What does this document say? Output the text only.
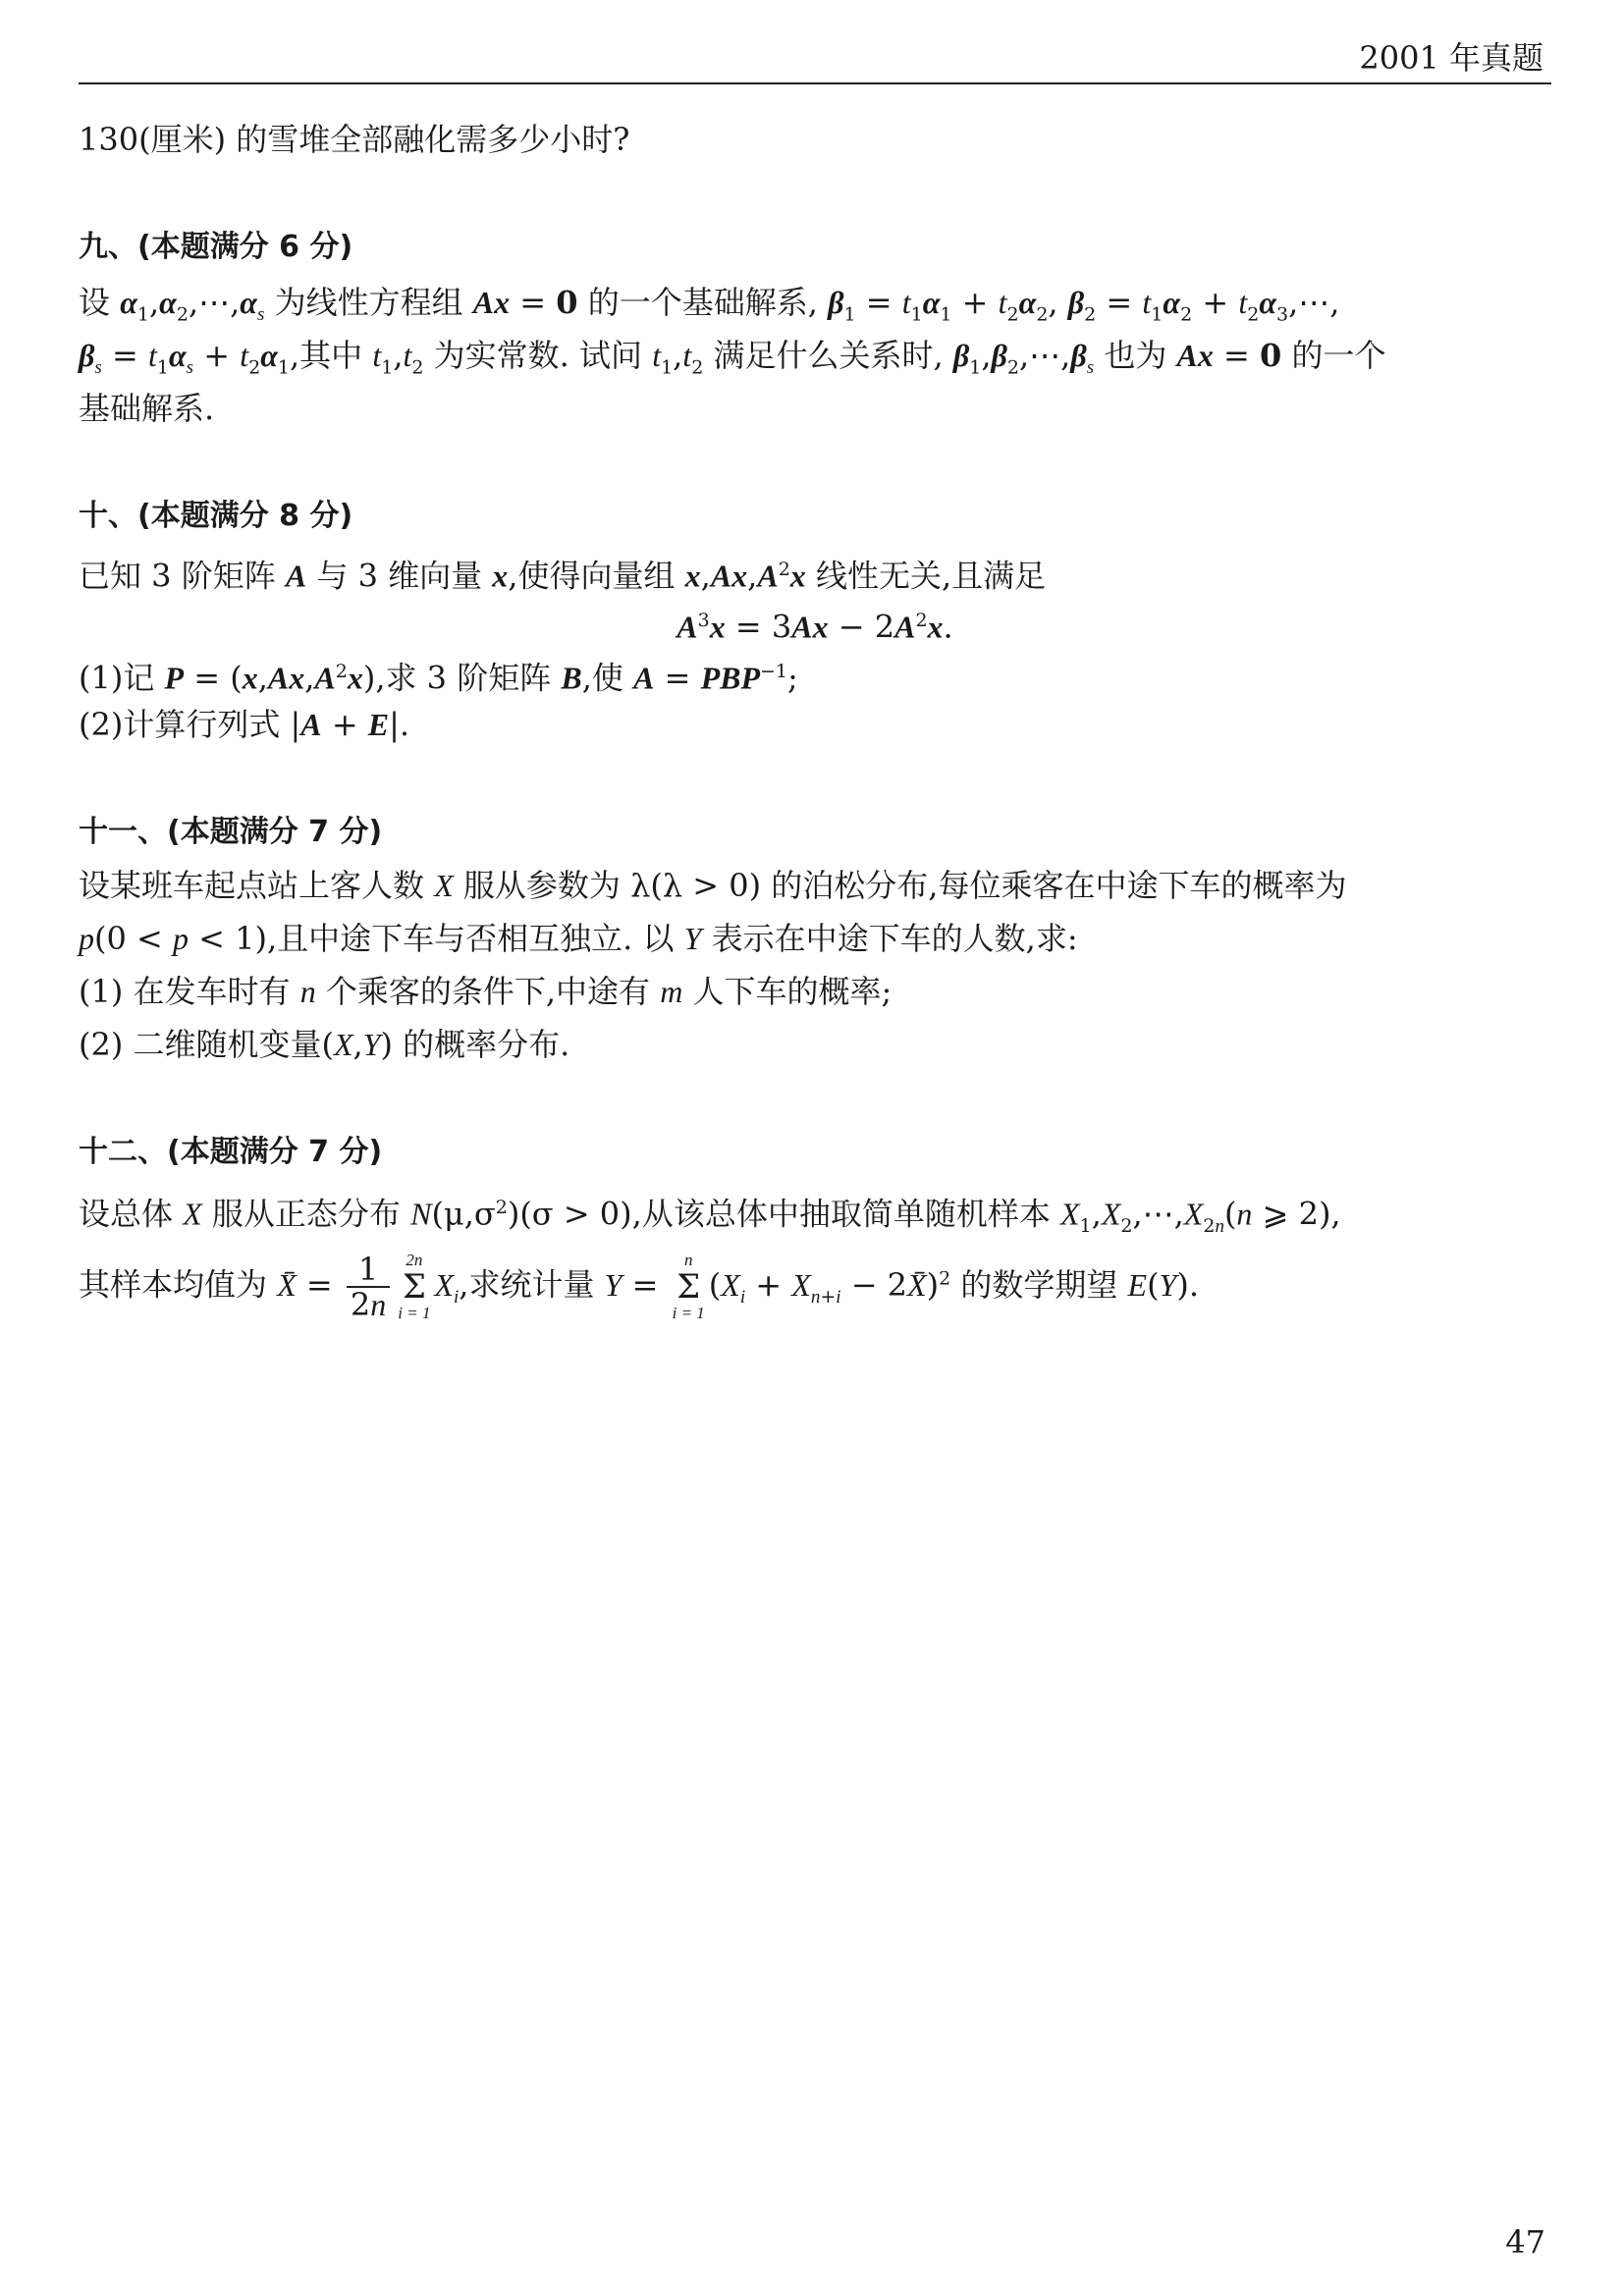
2001 年真题
130(厘米) 的雪堆全部融化需多少小时?
九、(本题满分 6 分)
设 $\alpha_1,\alpha_2,\cdots,\alpha_s$ 为线性方程组 Ax = 0 的一个基础解系, $\beta_1 = t_1\alpha_1 + t_2\alpha_2$, $\beta_2 = t_1\alpha_2$ + $t_2\alpha_3,\cdots$,
$\beta_s = t_1\alpha_s + t_2\alpha_1$,其中 $t_1,t_2$ 为实常数. 试问 $t_1,t_2$ 满足什么关系时, $\beta_1,\beta_2,\cdots,\beta_s$ 也为 Ax = 0 的一个
基础解系.
十、(本题满分 8 分)
已知 3 阶矩阵 A 与 3 维向量 x,使得向量组 $x,Ax,A^2x$ 线性无关,且满足
$A^3x = 3Ax - 2A^2x$.
(1)记 $P = (x,Ax,A^2x)$,求 3 阶矩阵 B,使 $A = PBP^{-1}$;
(2)计算行列式 |A + E|.
十一、(本题满分 7 分)
设某班车起点站上客人数 X 服从参数为 λ(λ > 0) 的泊松分布,每位乘客在中途下车的概率为
p(0 < p < 1),且中途下车与否相互独立. 以 Y 表示在中途下车的人数,求:
(1) 在发车时有 n 个乘客的条件下,中途有 m 人下车的概率;
(2) 二维随机变量(X,Y) 的概率分布.
十二、(本题满分 7 分)
设总体 X 服从正态分布 $N(\mu,\sigma^2)(\sigma > 0)$,从该总体中抽取简单随机样本 $X_1,X_2,\cdots,X_{2n}(n$ ⩾ 2),
其样本均值为 X̄ = $\frac{1}{2n} 2n$
Σ
i = 1
$X_i$,求统计量 Y =
n
Σ
i = 1
($X_i + X_{n+i}$ − 2X̄)$^2$ 的数学期望 E(Y).
47
